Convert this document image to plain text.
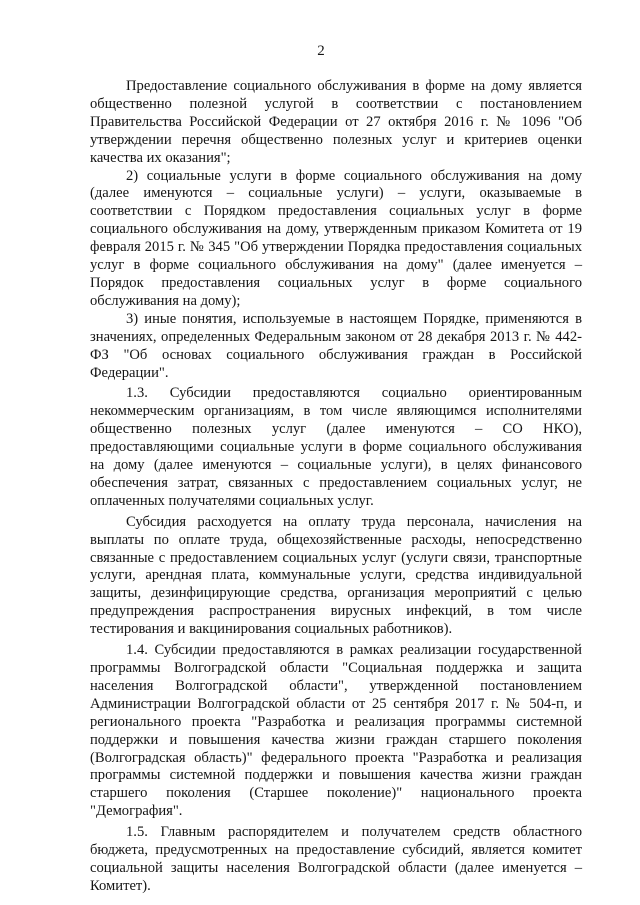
2

Предоставление социального обслуживания в форме на дому является общественно полезной услугой в соответствии с постановлением Правительства Российской Федерации от 27 октября 2016 г. № 1096 "Об утверждении перечня общественно полезных услуг и критериев оценки качества их оказания";

2) социальные услуги в форме социального обслуживания на дому (далее именуются – социальные услуги) – услуги, оказываемые в соответствии с Порядком предоставления социальных услуг в форме социального обслуживания на дому, утвержденным приказом Комитета от 19 февраля 2015 г. № 345 "Об утверждении Порядка предоставления социальных услуг в форме социального обслуживания на дому" (далее именуется – Порядок предоставления социальных услуг в форме социального обслуживания на дому);

3) иные понятия, используемые в настоящем Порядке, применяются в значениях, определенных Федеральным законом от 28 декабря 2013 г. № 442-ФЗ "Об основах социального обслуживания граждан в Российской Федерации".

1.3. Субсидии предоставляются социально ориентированным некоммерческим организациям, в том числе являющимся исполнителями общественно полезных услуг (далее именуются – СО НКО), предоставляющими социальные услуги в форме социального обслуживания на дому (далее именуются – социальные услуги), в целях финансового обеспечения затрат, связанных с предоставлением социальных услуг, не оплаченных получателями социальных услуг.

Субсидия расходуется на оплату труда персонала, начисления на выплаты по оплате труда, общехозяйственные расходы, непосредственно связанные с предоставлением социальных услуг (услуги связи, транспортные услуги, арендная плата, коммунальные услуги, средства индивидуальной защиты, дезинфицирующие средства, организация мероприятий с целью предупреждения распространения вирусных инфекций, в том числе тестирования и вакцинирования социальных работников).

1.4. Субсидии предоставляются в рамках реализации государственной программы Волгоградской области "Социальная поддержка и защита населения Волгоградской области", утвержденной постановлением Администрации Волгоградской области от 25 сентября 2017 г. № 504-п, и регионального проекта "Разработка и реализация программы системной поддержки и повышения качества жизни граждан старшего поколения (Волгоградская область)" федерального проекта "Разработка и реализация программы системной поддержки и повышения качества жизни граждан старшего поколения (Старшее поколение)" национального проекта "Демография".

1.5. Главным распорядителем и получателем средств областного бюджета, предусмотренных на предоставление субсидий, является комитет социальной защиты населения Волгоградской области (далее именуется – Комитет).
